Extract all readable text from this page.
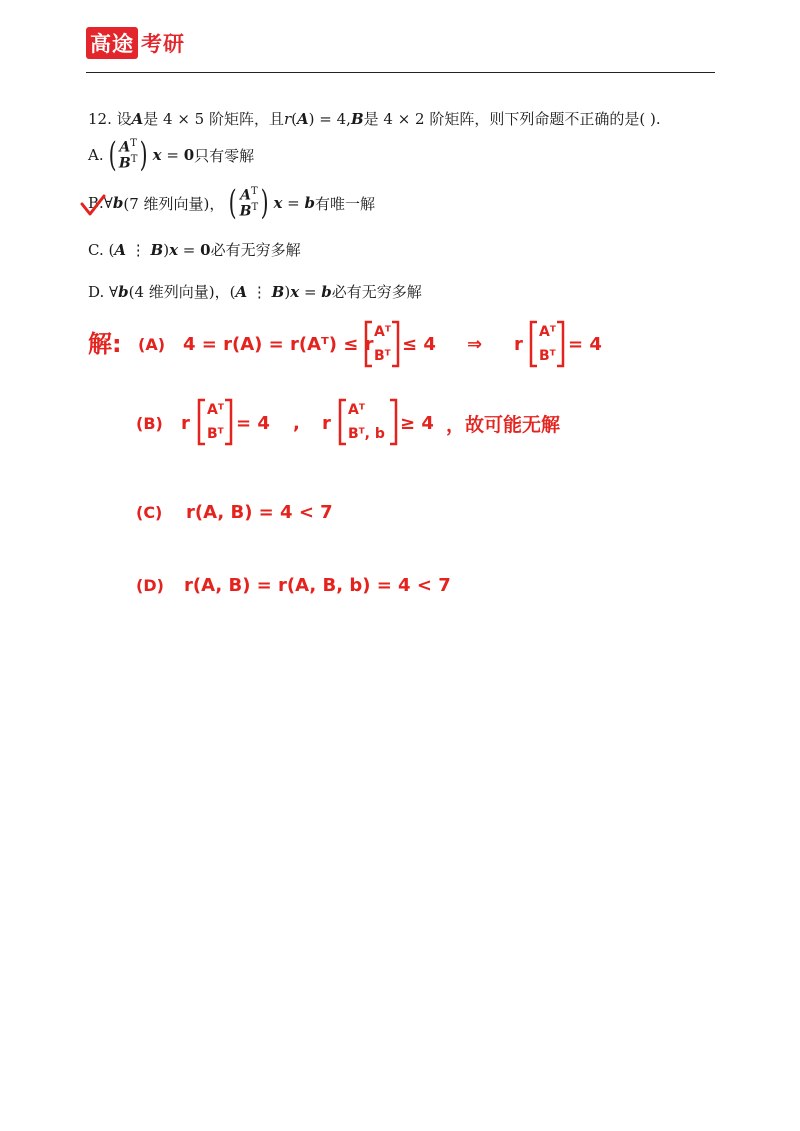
高途 考研
12. 设 A 是 4 × 5 阶矩阵，且 r ( A ) = 4, B 是 4 × 2 阶矩阵，则下列命题不正确的是( ).
A. ( $A^T$
$B^T$ ) x = 0 只有零解
B. ∀ b (7 维列向量)， ( $A^T$
$B^T$ ) x = b 有唯一解
C. ( A ⋮ B ) x = 0 必有无穷多解
D. ∀ b (4 维列向量)， ( A ⋮ B ) x = b 必有无穷多解
解: (A) 4 = r(A) = r(Aᵀ) ≤ r
Aᵀ
Bᵀ
≤ 4 ⇒ r
Aᵀ
Bᵀ
= 4
(B) r
Aᵀ
Bᵀ = 4 , r
Aᵀ
Bᵀ, b ≥ 4 ，故可能无解
(C) r(A, B) = 4 < 7
(D) r(A, B) = r(A, B, b) = 4 < 7
